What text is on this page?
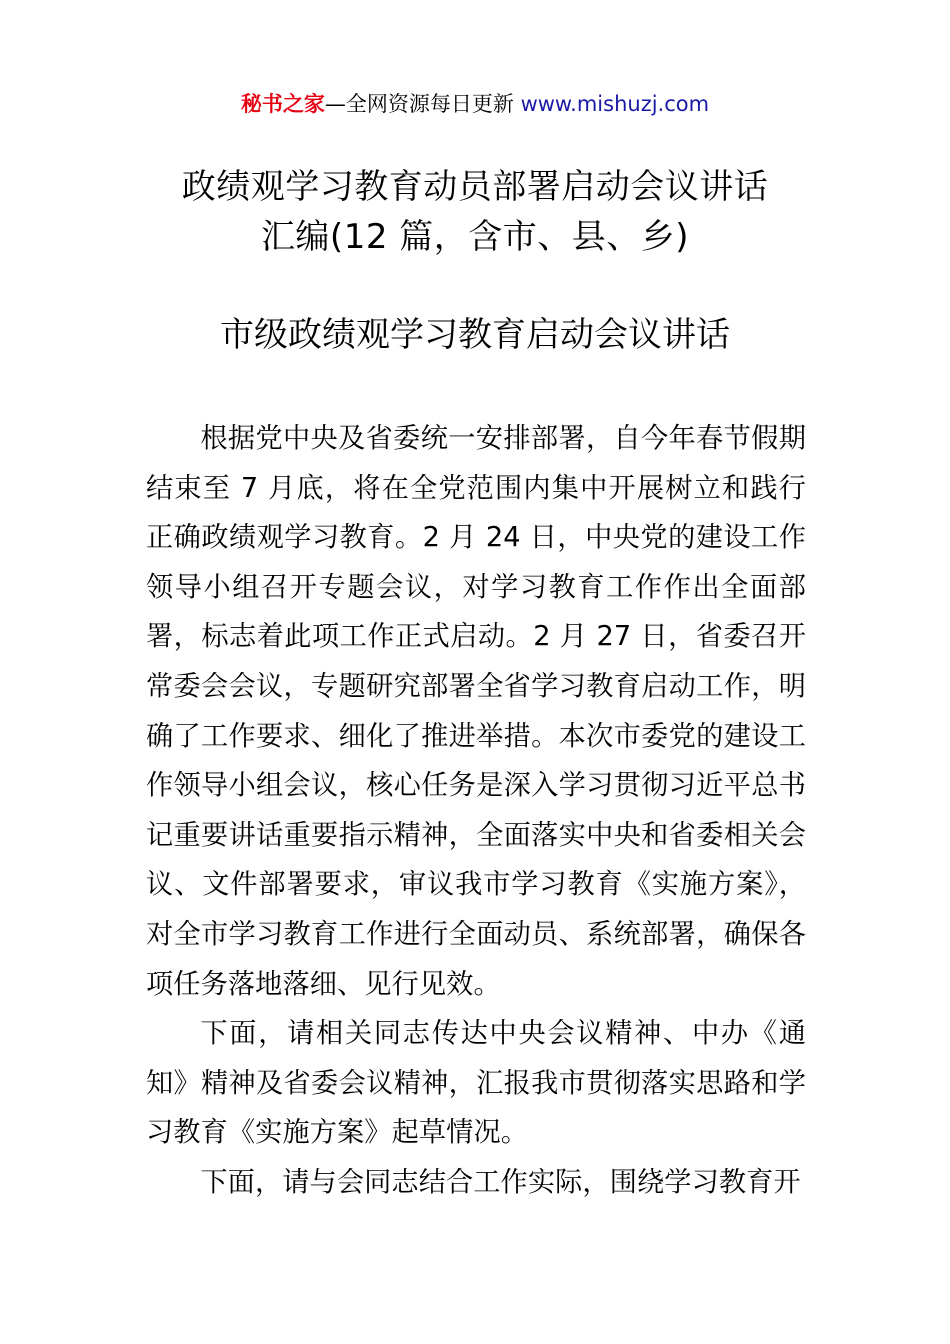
秘书之家—全网资源每日更新 www.mishuzj.com
政绩观学习教育动员部署启动会议讲话
汇编(12 篇，含市、县、乡)
市级政绩观学习教育启动会议讲话

根据党中央及省委统一安排部署，自今年春节假期结束至 7 月底，将在全党范围内集中开展树立和践行正确政绩观学习教育。2 月 24 日，中央党的建设工作领导小组召开专题会议，对学习教育工作作出全面部署，标志着此项工作正式启动。2 月 27 日，省委召开常委会会议，专题研究部署全省学习教育启动工作，明确了工作要求、细化了推进举措。本次市委党的建设工作领导小组会议，核心任务是深入学习贯彻习近平总书记重要讲话重要指示精神，全面落实中央和省委相关会议、文件部署要求，审议我市学习教育《实施方案》，对全市学习教育工作进行全面动员、系统部署，确保各项任务落地落细、见行见效。

下面，请相关同志传达中央会议精神、中办《通知》精神及省委会议精神，汇报我市贯彻落实思路和学习教育《实施方案》起草情况。

下面，请与会同志结合工作实际，围绕学习教育开
